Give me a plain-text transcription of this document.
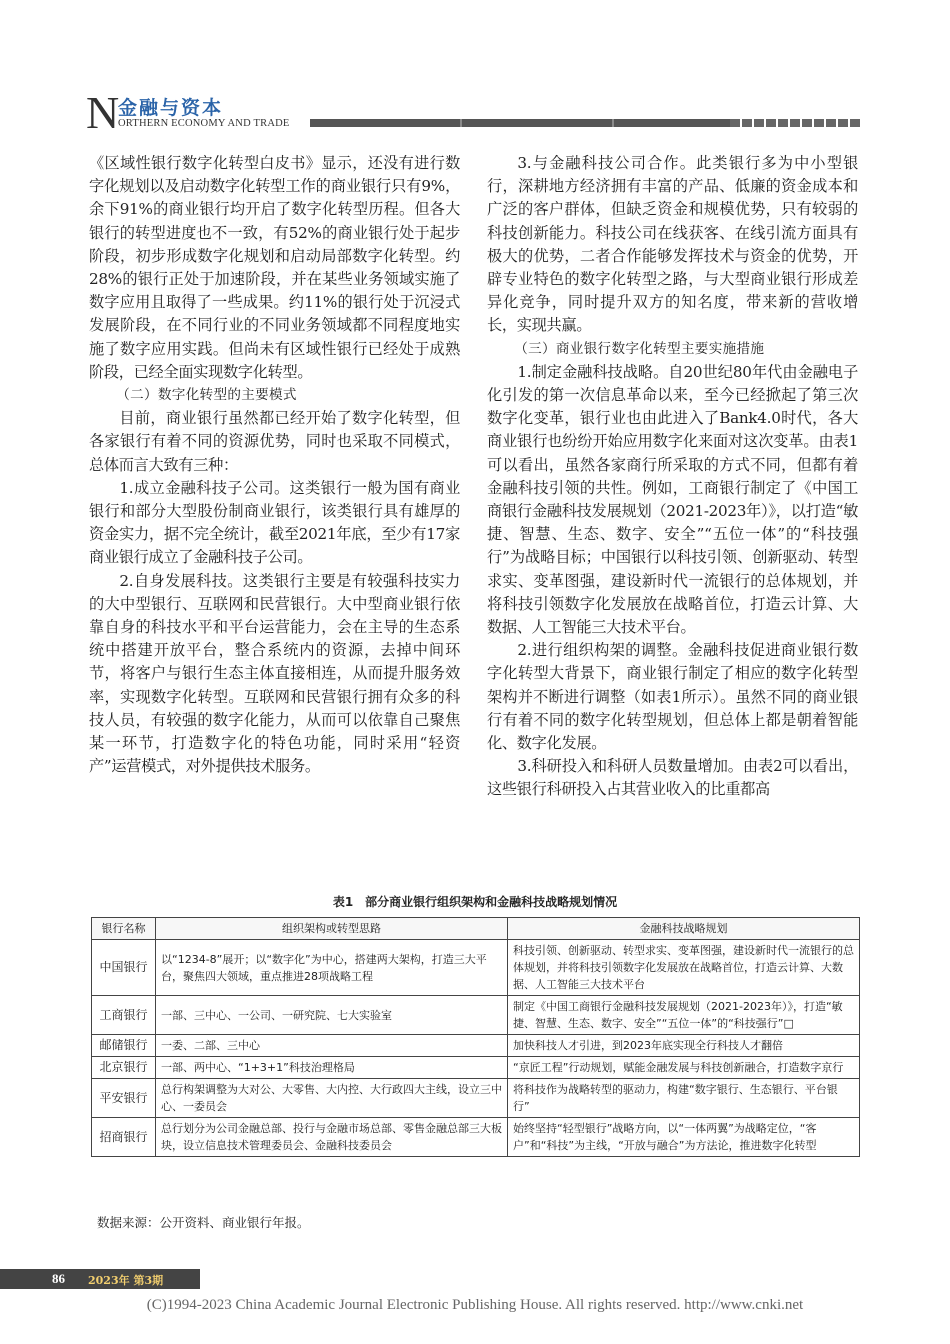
N
金融与资本
ORTHERN ECONOMY AND TRADE

《区域性银行数字化转型白皮书》显示，还没有进行数字化规划以及启动数字化转型工作的商业银行只有9%，余下91%的商业银行均开启了数字化转型历程。但各大银行的转型进度也不一致，有52%的商业银行处于起步阶段，初步形成数字化规划和启动局部数字化转型。约28%的银行正处于加速阶段，并在某些业务领域实施了数字应用且取得了一些成果。约11%的银行处于沉浸式发展阶段，在不同行业的不同业务领域都不同程度地实施了数字应用实践。但尚未有区域性银行已经处于成熟阶段，已经全面实现数字化转型。

（二）数字化转型的主要模式

目前，商业银行虽然都已经开始了数字化转型，但各家银行有着不同的资源优势，同时也采取不同模式，总体而言大致有三种：

1.成立金融科技子公司。这类银行一般为国有商业银行和部分大型股份制商业银行，该类银行具有雄厚的资金实力，据不完全统计，截至2021年底，至少有17家商业银行成立了金融科技子公司。

2.自身发展科技。这类银行主要是有较强科技实力的大中型银行、互联网和民营银行。大中型商业银行依靠自身的科技水平和平台运营能力，会在主导的生态系统中搭建开放平台，整合系统内的资源，去掉中间环节，将客户与银行生态主体直接相连，从而提升服务效率，实现数字化转型。互联网和民营银行拥有众多的科技人员，有较强的数字化能力，从而可以依靠自己聚焦某一环节，打造数字化的特色功能，同时采用“轻资产”运营模式，对外提供技术服务。

3.与金融科技公司合作。此类银行多为中小型银行，深耕地方经济拥有丰富的产品、低廉的资金成本和广泛的客户群体，但缺乏资金和规模优势，只有较弱的科技创新能力。科技公司在线获客、在线引流方面具有极大的优势，二者合作能够发挥技术与资金的优势，开辟专业特色的数字化转型之路，与大型商业银行形成差异化竞争，同时提升双方的知名度，带来新的营收增长，实现共赢。

（三）商业银行数字化转型主要实施措施

1.制定金融科技战略。自20世纪80年代由金融电子化引发的第一次信息革命以来，至今已经掀起了第三次数字化变革，银行业也由此进入了Bank4.0时代，各大商业银行也纷纷开始应用数字化来面对这次变革。由表1可以看出，虽然各家商行所采取的方式不同，但都有着金融科技引领的共性。例如，工商银行制定了《中国工商银行金融科技发展规划（2021-2023年）》，以打造“敏捷、智慧、生态、数字、安全”“五位一体”的“科技强行”为战略目标；中国银行以科技引领、创新驱动、转型求实、变革图强，建设新时代一流银行的总体规划，并将科技引领数字化发展放在战略首位，打造云计算、大数据、人工智能三大技术平台。

2.进行组织构架的调整。金融科技促进商业银行数字化转型大背景下，商业银行制定了相应的数字化转型架构并不断进行调整（如表1所示）。虽然不同的商业银行有着不同的数字化转型规划，但总体上都是朝着智能化、数字化发展。

3.科研投入和科研人员数量增加。由表2可以看出，这些银行科研投入占其营业收入的比重都高

表1　部分商业银行组织架构和金融科技战略规划情况
银行名称	组织架构或转型思路	金融科技战略规划
中国银行	以“1234-8”展开；以“数字化”为中心，搭建两大架构，打造三大平台，聚焦四大领域，重点推进28项战略工程	科技引领、创新驱动、转型求实、变革图强，建设新时代一流银行的总体规划，并将科技引领数字化发展放在战略首位，打造云计算、大数据、人工智能三大技术平台
工商银行	一部、三中心、一公司、一研究院、七大实验室	制定《中国工商银行金融科技发展规划（2021-2023年）》，打造“敏捷、智慧、生态、数字、安全”“五位一体”的“科技强行”□
邮储银行	一委、二部、三中心	加快科技人才引进，到2023年底实现全行科技人才翻倍
北京银行	一部、两中心、“1+3+1”科技治理格局	“京匠工程”行动规划，赋能金融发展与科技创新融合，打造数字京行
平安银行	总行构架调整为大对公、大零售、大内控、大行政四大主线，设立三中心、一委员会	将科技作为战略转型的驱动力，构建“数字银行、生态银行、平台银行”
招商银行	总行划分为公司金融总部、投行与金融市场总部、零售金融总部三大板块，设立信息技术管理委员会、金融科技委员会	始终坚持“轻型银行”战略方向，以“一体两翼”为战略定位，“客户”和“科技”为主线，“开放与融合”为方法论，推进数字化转型
数据来源：公开资料、商业银行年报。
86 2023年 第3期
(C)1994-2023 China Academic Journal Electronic Publishing House. All rights reserved. http://www.cnki.net
